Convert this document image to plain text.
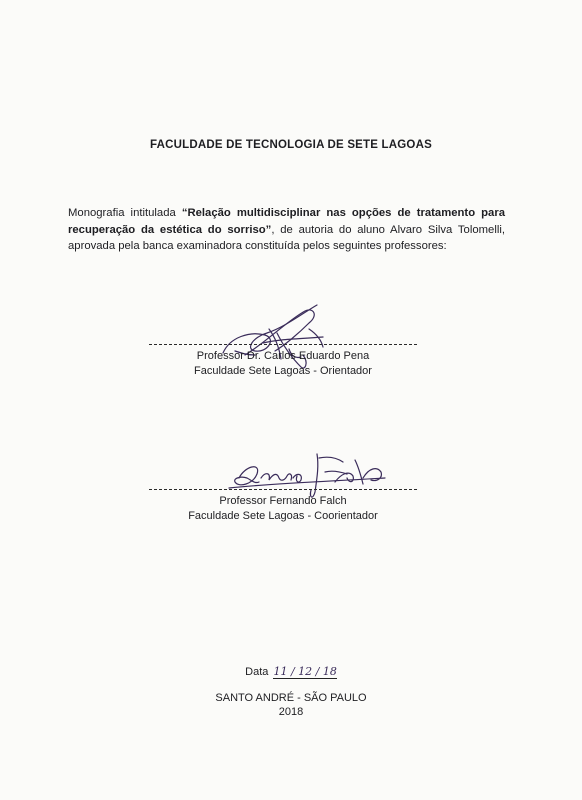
FACULDADE DE TECNOLOGIA DE SETE LAGOAS
Monografia intitulada “Relação multidisciplinar nas opções de tratamento para recuperação da estética do sorriso”, de autoria do aluno Alvaro Silva Tolomelli, aprovada pela banca examinadora constituída pelos seguintes professores:
Professor Dr. Carlos Eduardo Pena
Faculdade Sete Lagoas - Orientador
Professor Fernando Falch
Faculdade Sete Lagoas - Coorientador
Data 11 / 12 / 18
SANTO ANDRÉ - SÃO PAULO
2018
